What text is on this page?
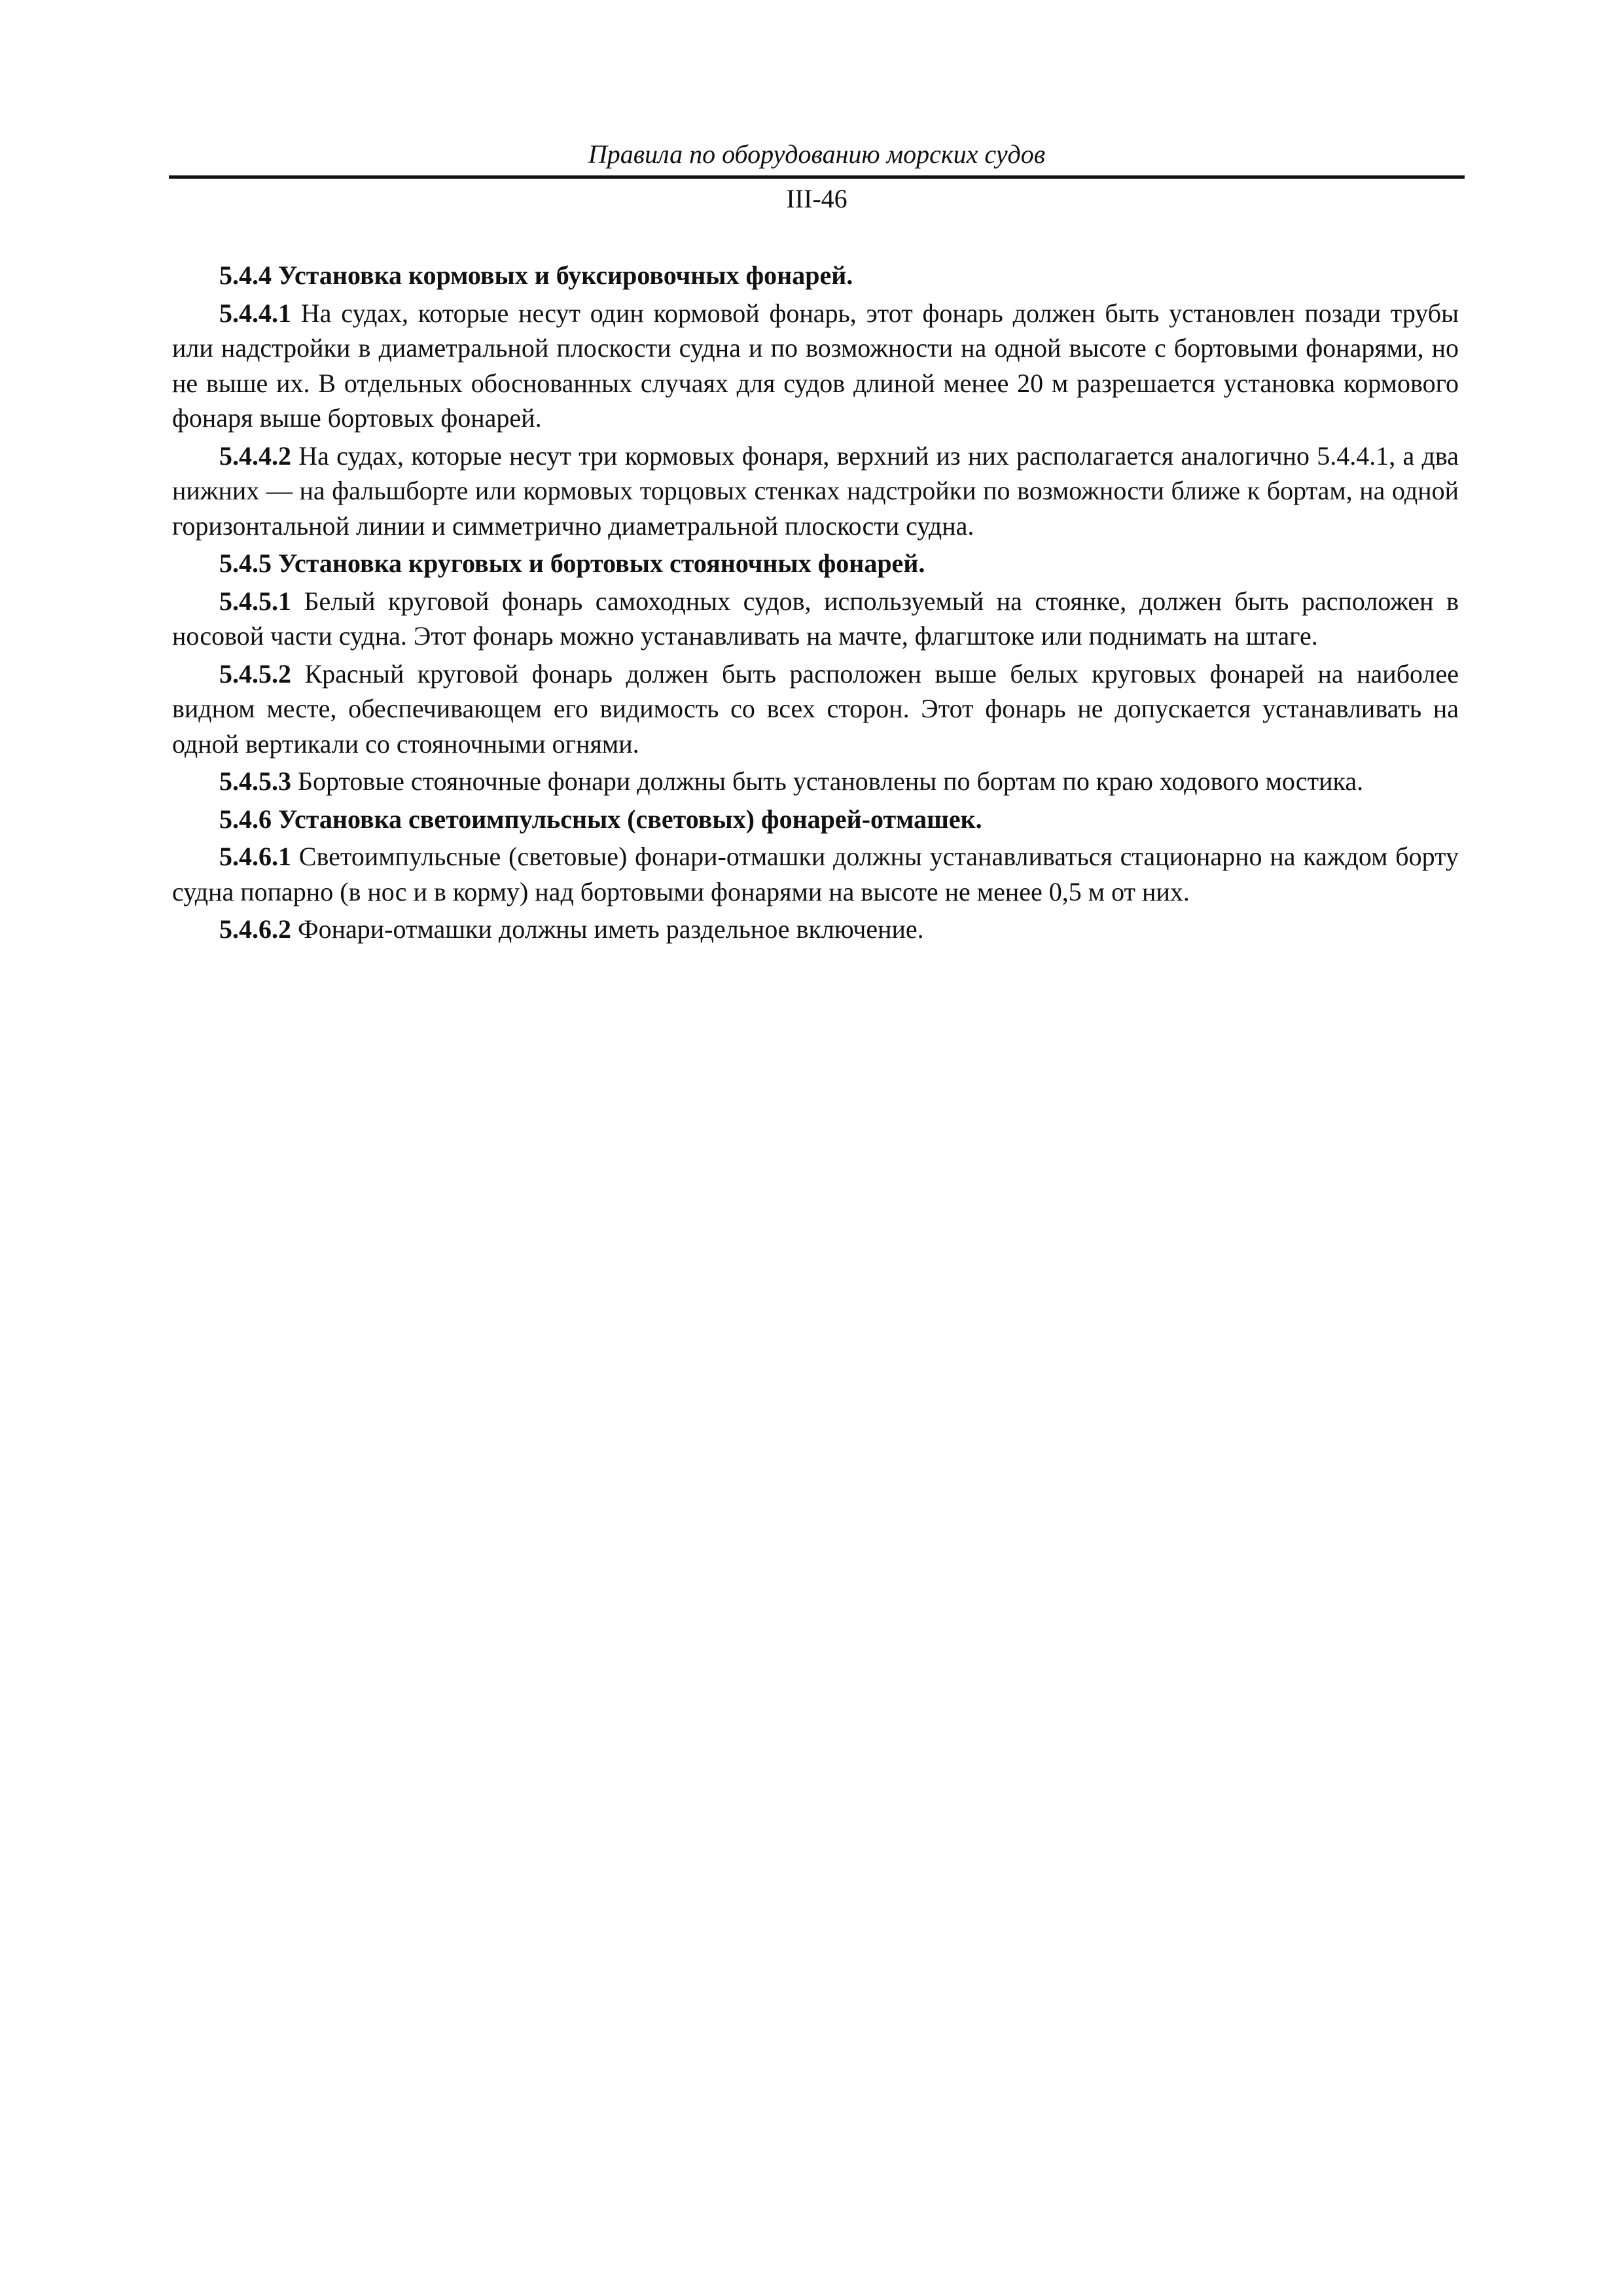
Правила по оборудованию морских судов
III-46

5.4.4 Установка кормовых и буксировочных фонарей.

5.4.4.1 На судах, которые несут один кормовой фонарь, этот фонарь должен быть установлен позади трубы или надстройки в диаметральной плоскости судна и по возможности на одной высоте с бортовыми фонарями, но не выше их. В отдельных обоснованных случаях для судов длиной менее 20 м разрешается установка кормового фонаря выше бортовых фонарей.

5.4.4.2 На судах, которые несут три кормовых фонаря, верхний из них располагается аналогично 5.4.4.1, а два нижних — на фальшборте или кормовых торцовых стенках надстройки по возможности ближе к бортам, на одной горизонтальной линии и симметрично диаметральной плоскости судна.

5.4.5 Установка круговых и бортовых стояночных фонарей.

5.4.5.1 Белый круговой фонарь самоходных судов, используемый на стоянке, должен быть расположен в носовой части судна. Этот фонарь можно устанавливать на мачте, флагштоке или поднимать на штаге.

5.4.5.2 Красный круговой фонарь должен быть расположен выше белых круговых фонарей на наиболее видном месте, обеспечивающем его видимость со всех сторон. Этот фонарь не допускается устанавливать на одной вертикали со стояночными огнями.

5.4.5.3 Бортовые стояночные фонари должны быть установлены по бортам по краю ходового мостика.

5.4.6 Установка светоимпульсных (световых) фонарей-отмашек.

5.4.6.1 Светоимпульсные (световые) фонари-отмашки должны устанавливаться стационарно на каждом борту судна попарно (в нос и в корму) над бортовыми фонарями на высоте не менее 0,5 м от них.

5.4.6.2 Фонари-отмашки должны иметь раздельное включение.
